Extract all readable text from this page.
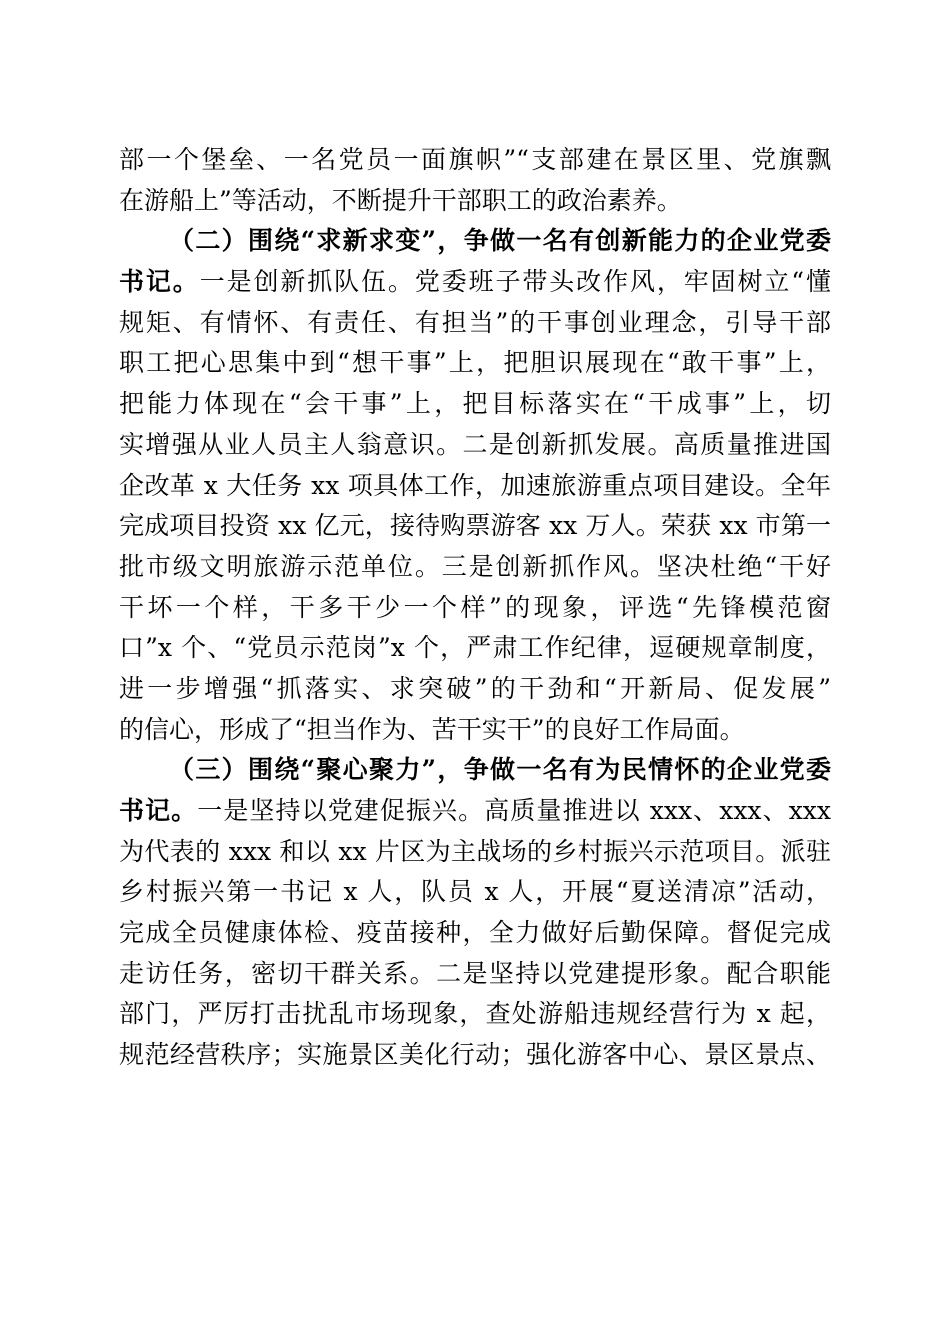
部一个堡垒、一名党员一面旗帜”“支部建在景区里、党旗飘
在游船上”等活动，不断提升干部职工的政治素养。
（二）围绕“求新求变”，争做一名有创新能力的企业党委
书记。一是创新抓队伍。党委班子带头改作风，牢固树立“懂
规矩、有情怀、有责任、有担当”的干事创业理念，引导干部
职工把心思集中到“想干事”上，把胆识展现在“敢干事”上，
把能力体现在“会干事”上，把目标落实在“干成事”上，切
实增强从业人员主人翁意识。二是创新抓发展。高质量推进国
企改革 x 大任务 xx 项具体工作，加速旅游重点项目建设。全年
完成项目投资 xx 亿元，接待购票游客 xx 万人。荣获 xx 市第一
批市级文明旅游示范单位。三是创新抓作风。坚决杜绝“干好
干坏一个样，干多干少一个样”的现象，评选“先锋模范窗
口”x 个、“党员示范岗”x 个，严肃工作纪律，逗硬规章制度，
进一步增强“抓落实、求突破”的干劲和“开新局、促发展”
的信心，形成了“担当作为、苦干实干”的良好工作局面。
（三）围绕“聚心聚力”，争做一名有为民情怀的企业党委
书记。一是坚持以党建促振兴。高质量推进以 xxx、xxx、xxx
为代表的 xxx 和以 xx 片区为主战场的乡村振兴示范项目。派驻
乡村振兴第一书记 x 人，队员 x 人，开展“夏送清凉”活动，
完成全员健康体检、疫苗接种，全力做好后勤保障。督促完成
走访任务，密切干群关系。二是坚持以党建提形象。配合职能
部门，严厉打击扰乱市场现象，查处游船违规经营行为 x 起，
规范经营秩序；实施景区美化行动；强化游客中心、景区景点、
